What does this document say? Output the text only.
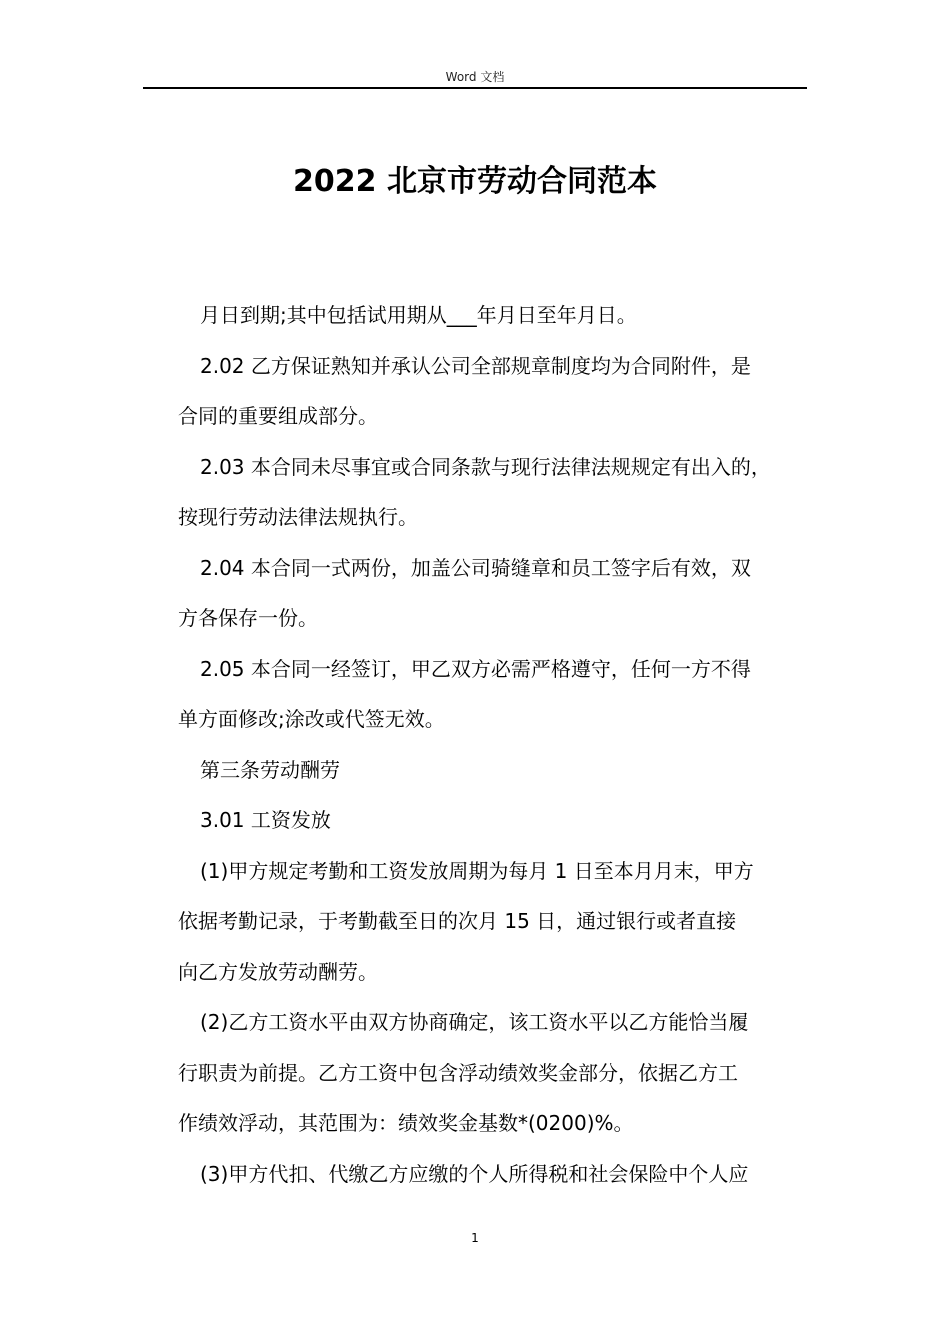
Word 文档
2022 北京市劳动合同范本
月日到期;其中包括试用期从___年月日至年月日。
2.02 乙方保证熟知并承认公司全部规章制度均为合同附件，是
合同的重要组成部分。
2.03 本合同未尽事宜或合同条款与现行法律法规规定有出入的，
按现行劳动法律法规执行。
2.04 本合同一式两份，加盖公司骑缝章和员工签字后有效，双
方各保存一份。
2.05 本合同一经签订，甲乙双方必需严格遵守，任何一方不得
单方面修改;涂改或代签无效。
第三条劳动酬劳
3.01 工资发放
(1)甲方规定考勤和工资发放周期为每月 1 日至本月月末，甲方
依据考勤记录，于考勤截至日的次月 15 日，通过银行或者直接
向乙方发放劳动酬劳。
(2)乙方工资水平由双方协商确定，该工资水平以乙方能恰当履
行职责为前提。乙方工资中包含浮动绩效奖金部分，依据乙方工
作绩效浮动，其范围为：绩效奖金基数*(0200)%。
(3)甲方代扣、代缴乙方应缴的个人所得税和社会保险中个人应
1
